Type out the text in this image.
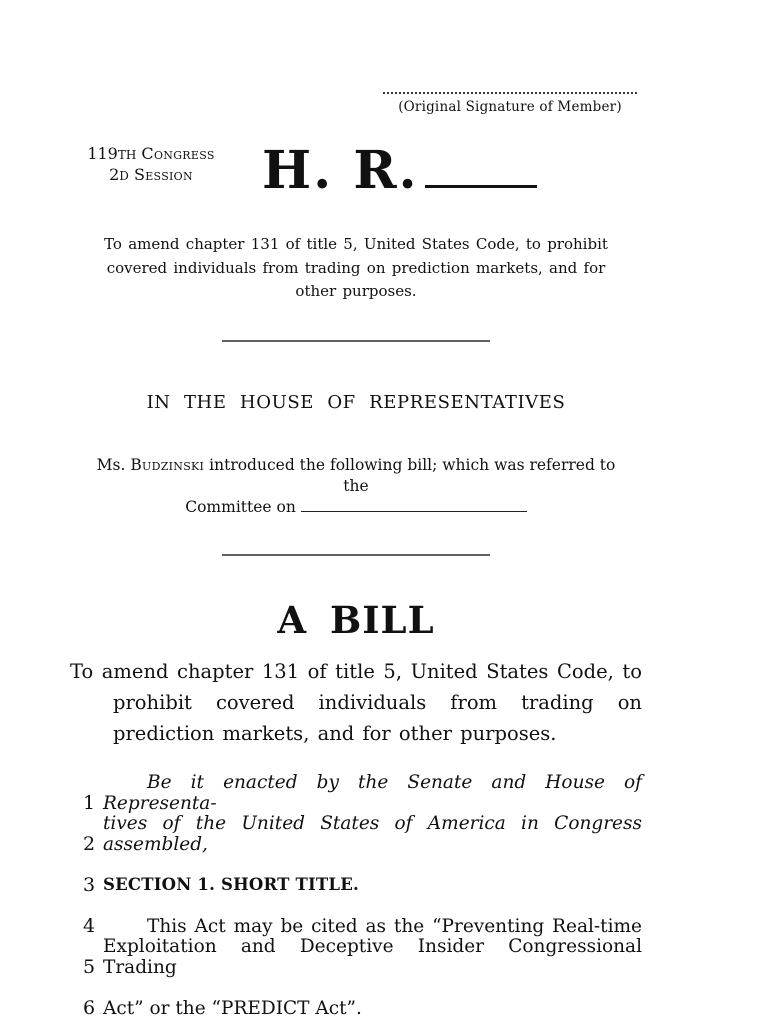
(Original Signature of Member)
119TH Congress
2D Session	H. R.
To amend chapter 131 of title 5, United States Code, to prohibit covered individuals from trading on prediction markets, and for other purposes.
IN THE HOUSE OF REPRESENTATIVES
Ms. Budzinski introduced the following bill; which was referred to the
Committee on
A BILL
To amend chapter 131 of title 5, United States Code, to prohibit covered individuals from trading on prediction markets, and for other purposes.
1
Be it enacted by the Senate and House of Representa-
2
tives of the United States of America in Congress assembled,
3 SECTION 1. SHORT TITLE.
4	This Act may be cited as the “Preventing Real-time
5
Exploitation and Deceptive Insider Congressional Trading
6 Act” or the “PREDICT Act”.
